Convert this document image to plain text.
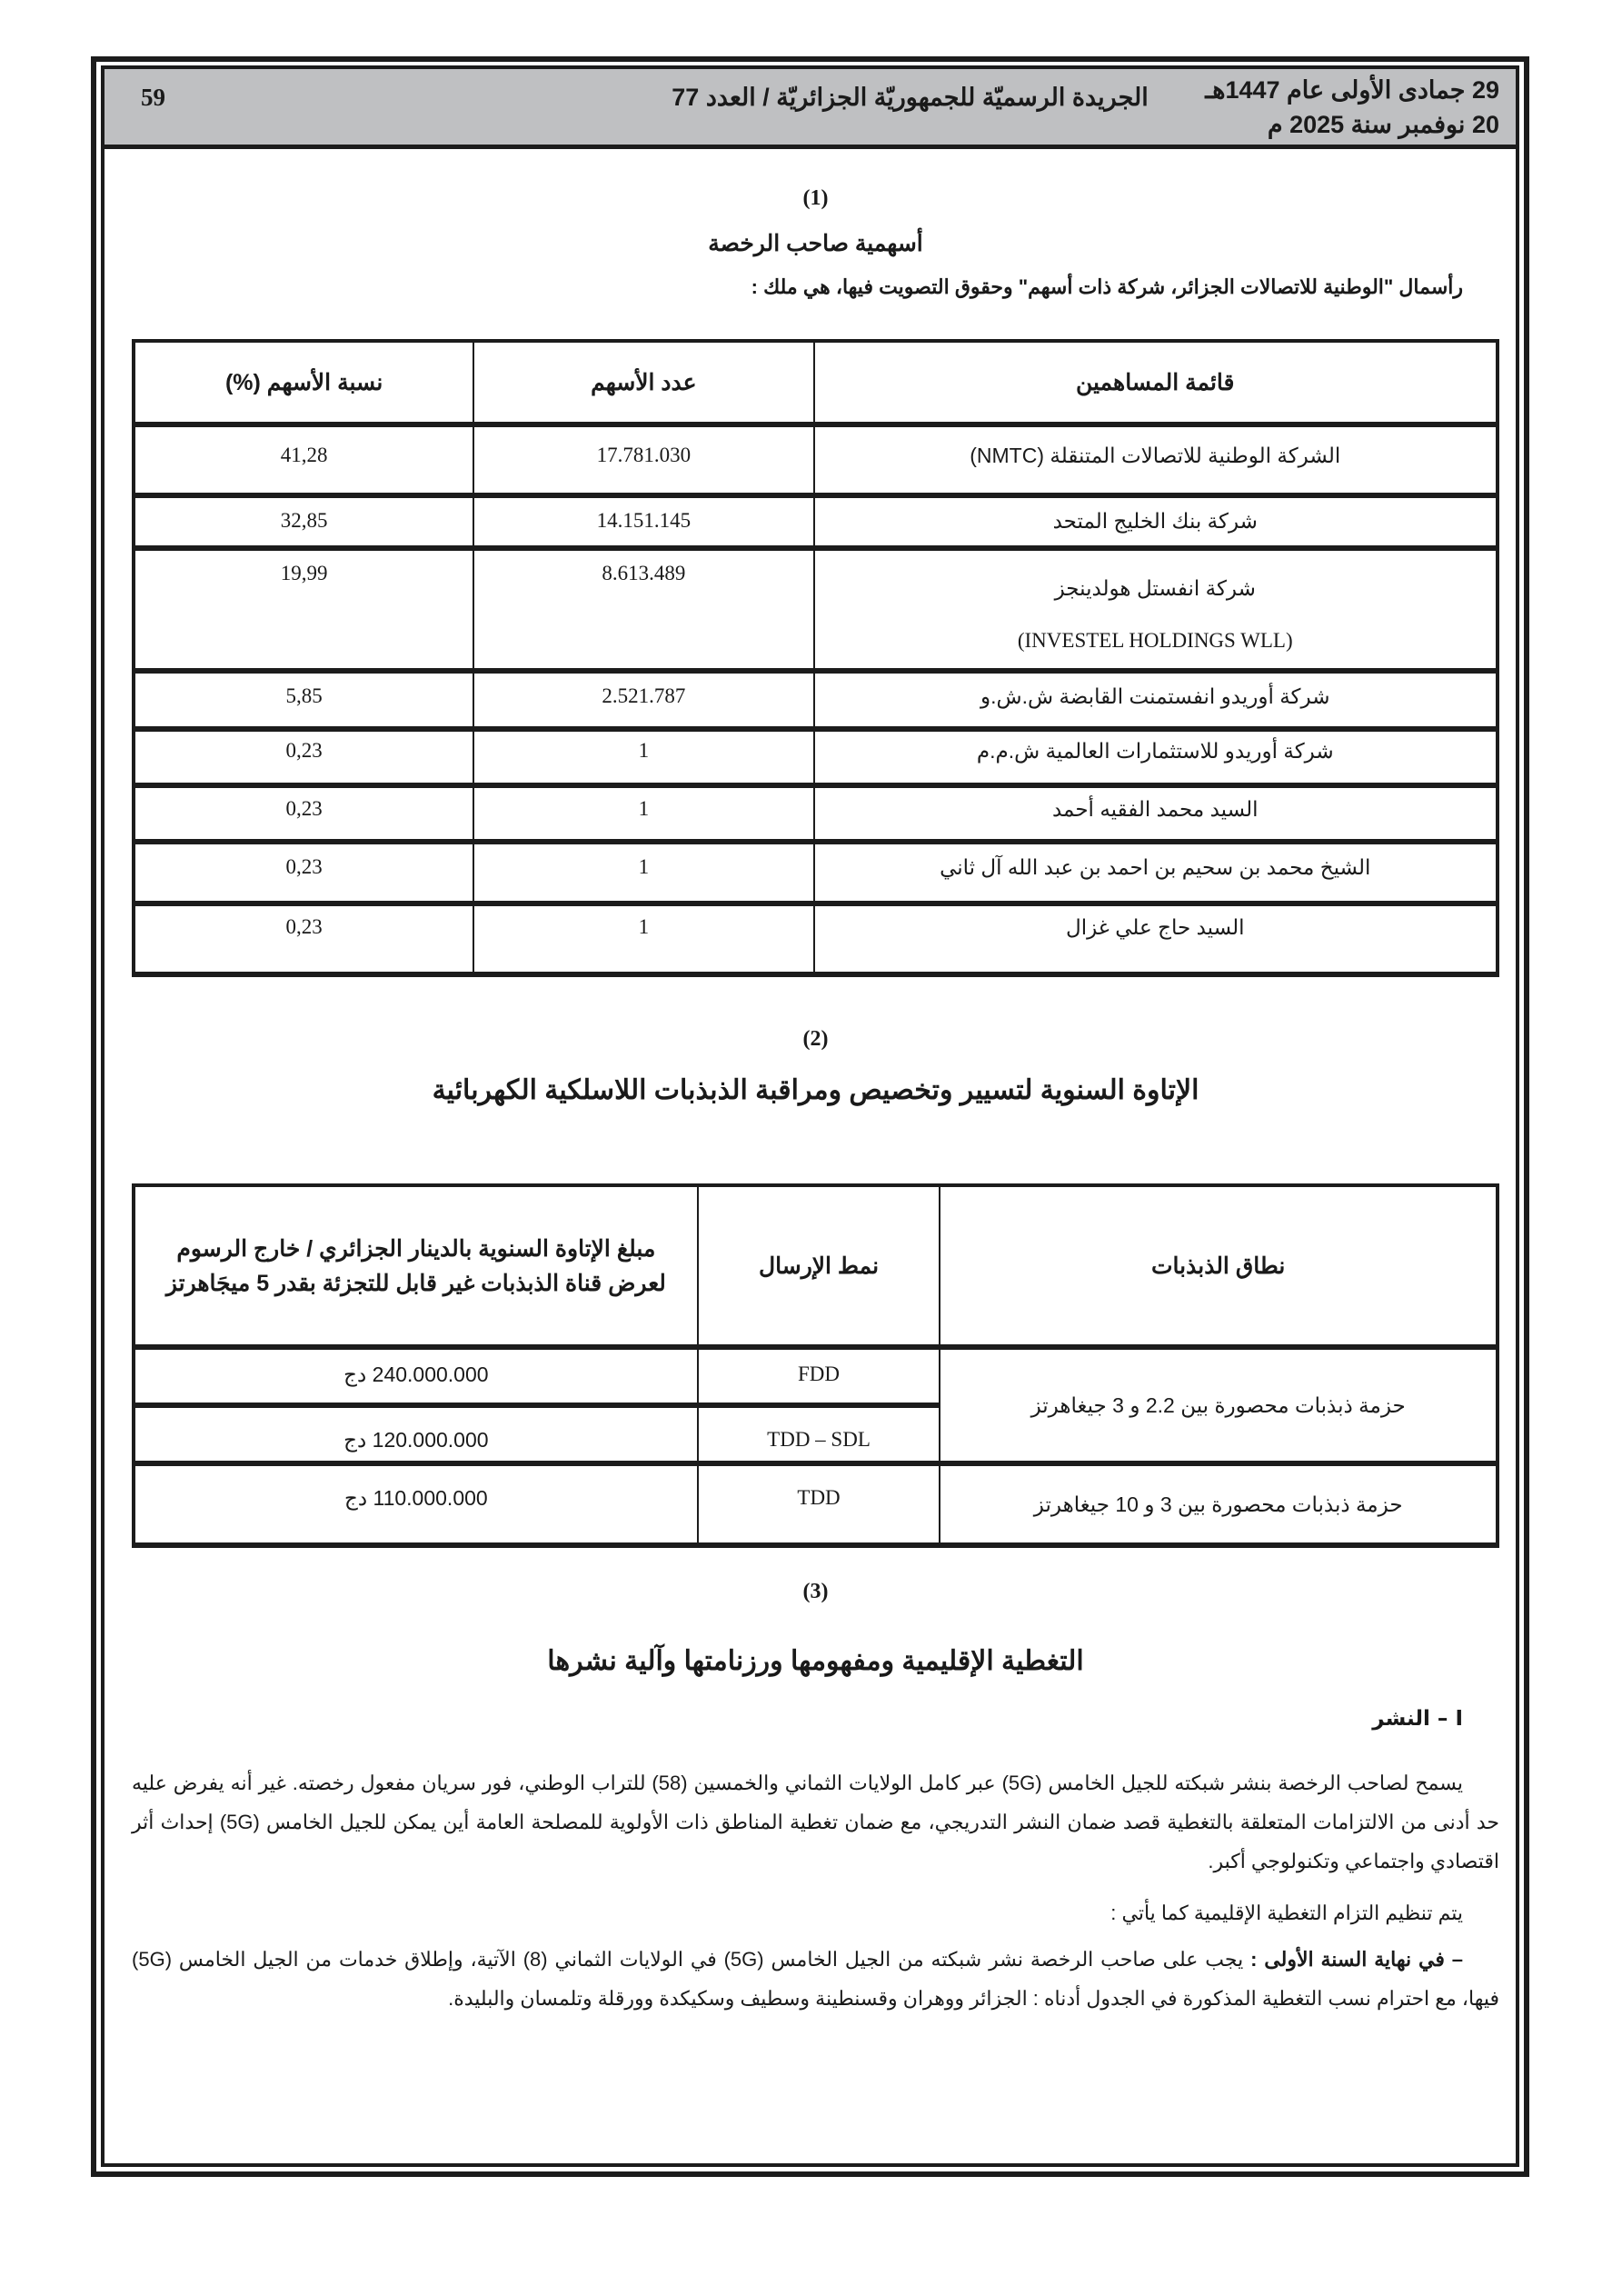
29 جمادى الأولى عام 1447هـ
20 نوفمبر سنة 2025 م
الجريدة الرسميّة للجمهوريّة الجزائريّة / العدد 77
59
(1)
أسهمية صاحب الرخصة
رأسمال "الوطنية للاتصالات الجزائر، شركة ذات أسهم" وحقوق التصويت فيها، هي ملك :
قائمة المساهمين	عدد الأسهم	نسبة الأسهم (%)
الشركة الوطنية للاتصالات المتنقلة (NMTC)	17.781.030	41,28
شركة بنك الخليج المتحد	14.151.145	32,85

شركة انفستل هولدينجز
(INVESTEL HOLDINGS WLL)	8.613.489	19,99
شركة أوريدو انفستمنت القابضة ش.ش.و	2.521.787	5,85
شركة أوريدو للاستثمارات العالمية ش.م.م	1	0,23
السيد محمد الفقيه أحمد	1	0,23
الشيخ محمد بن سحيم بن احمد بن عبد الله آل ثاني	1	0,23
السيد حاج علي غزال	1	0,23
(2)
الإتاوة السنوية لتسيير وتخصيص ومراقبة الذبذبات اللاسلكية الكهربائية
نطاق الذبذبات	نمط الإرسال	مبلغ الإتاوة السنوية بالدينار الجزائري / خارج الرسوم لعرض قناة الذبذبات غير قابل للتجزئة بقدر 5 ميجَاهرتز
حزمة ذبذبات محصورة بين 2.2 و 3 جيغاهرتز	FDD	240.000.000 دج
	TDD – SDL	120.000.000 دج
حزمة ذبذبات محصورة بين 3 و 10 جيغاهرتز	TDD	110.000.000 دج
(3)
التغطية الإقليمية ومفهومها ورزنامتها وآلية نشرها
I – النشر

يسمح لصاحب الرخصة بنشر شبكته للجيل الخامس (5G) عبر كامل الولايات الثماني والخمسين (58) للتراب الوطني، فور سريان مفعول رخصته. غير أنه يفرض عليه حد أدنى من الالتزامات المتعلقة بالتغطية قصد ضمان النشر التدريجي، مع ضمان تغطية المناطق ذات الأولوية للمصلحة العامة أين يمكن للجيل الخامس (5G) إحداث أثر اقتصادي واجتماعي وتكنولوجي أكبر.

يتم تنظيم التزام التغطية الإقليمية كما يأتي :

– في نهاية السنة الأولى : يجب على صاحب الرخصة نشر شبكته من الجيل الخامس (5G) في الولايات الثماني (8) الآتية، وإطلاق خدمات من الجيل الخامس (5G) فيها، مع احترام نسب التغطية المذكورة في الجدول أدناه : الجزائر ووهران وقسنطينة وسطيف وسكيكدة وورقلة وتلمسان والبليدة.
